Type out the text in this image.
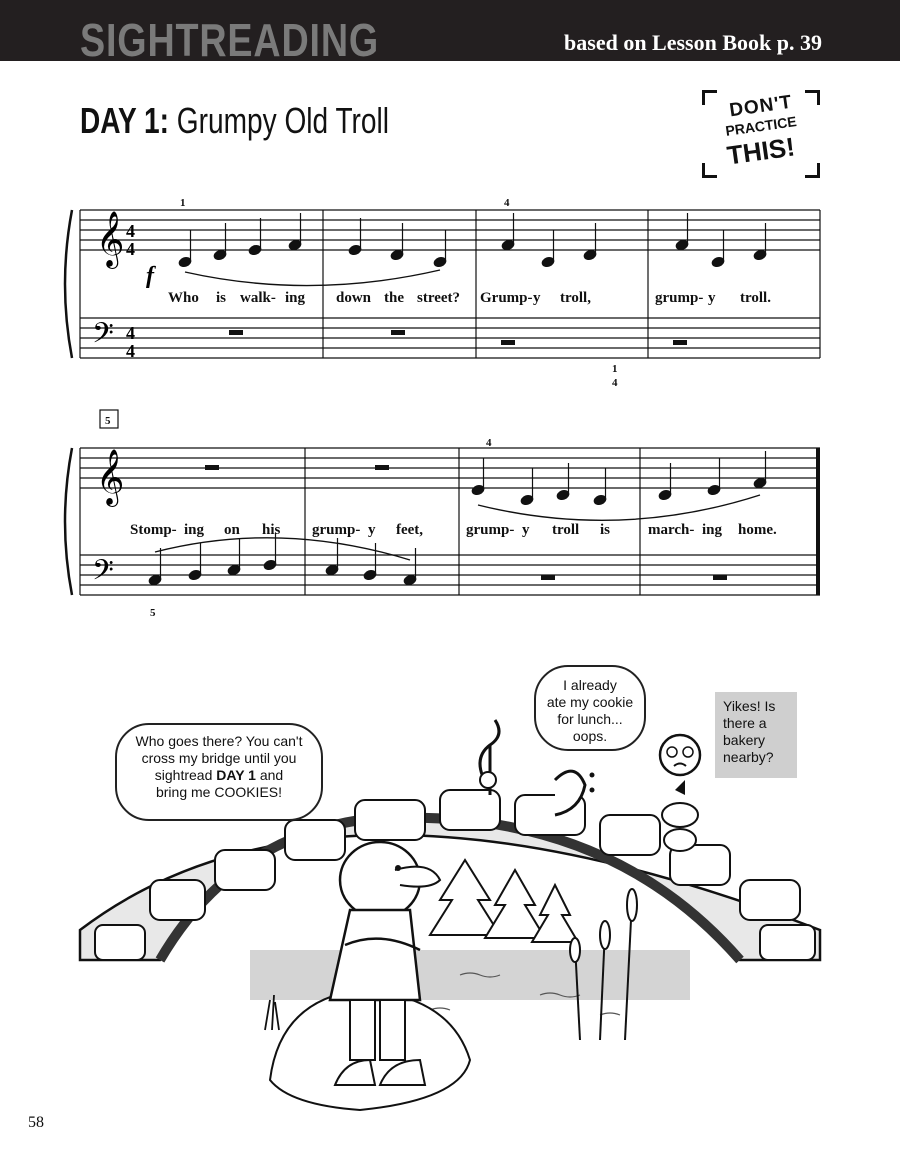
SIGHTREADING	based on Lesson Book p. 39
DAY 1: Grumpy Old Troll	DON'T
PRACTICE
THIS!
𝄞
𝄞
𝄢
𝄢
1	4
1
4
f
Who is walk- ing down the street? Grump- y troll,	grump- y troll.
5
4
5
Stomp- ing on his grump- y feet,	grump- y troll is	march- ing home.
4
4
4
4
Who goes there? You can't
cross my bridge until you
sightread DAY 1 and
bring me COOKIES!
I already
ate my cookie
for lunch...
oops.
Yikes! Is
there a
bakery
nearby?
58
